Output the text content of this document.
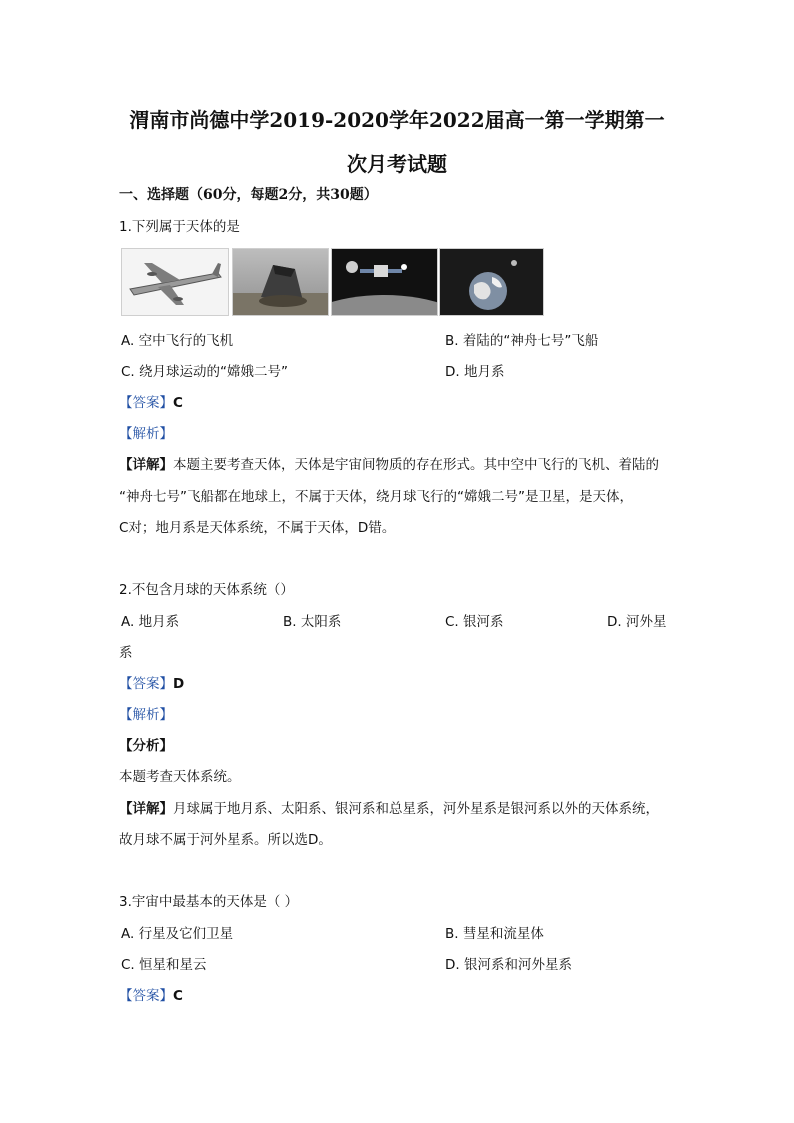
渭南市尚德中学2019-2020学年2022届高一第一学期第一
次月考试题
一、选择题（60分，每题2分，共30题）
1.下列属于天体的是
A. 空中飞行的飞机	B. 着陆的“神舟七号”飞船
C. 绕月球运动的“嫦娥二号”	D. 地月系
【答案】C
【解析】
【详解】本题主要考查天体，天体是宇宙间物质的存在形式。其中空中飞行的飞机、着陆的
“神舟七号”飞船都在地球上，不属于天体，绕月球飞行的“嫦娥二号”是卫星，是天体，
C对；地月系是天体系统，不属于天体，D错。
2.不包含月球的天体系统（）
A. 地月系	B. 太阳系	C. 银河系	D. 河外星
系
【答案】D
【解析】
【分析】
本题考查天体系统。
【详解】月球属于地月系、太阳系、银河系和总星系，河外星系是银河系以外的天体系统，
故月球不属于河外星系。所以选D。
3.宇宙中最基本的天体是（ ）
A. 行星及它们卫星	B. 彗星和流星体
C. 恒星和星云	D. 银河系和河外星系
【答案】C
